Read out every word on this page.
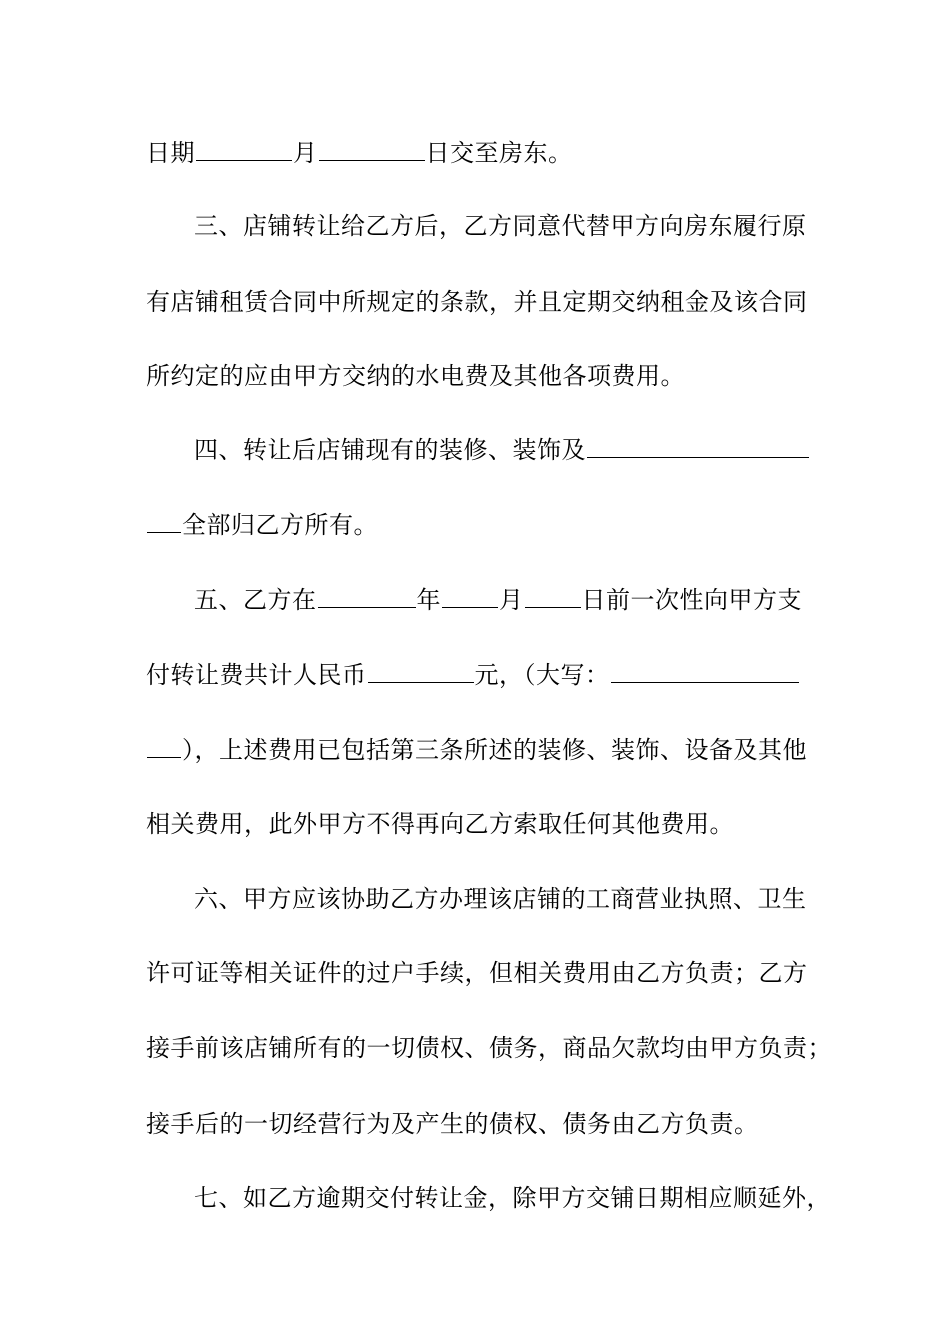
日期	月	日交至房东。
三、店铺转让给乙方后，乙方同意代替甲方向房东履行原
有店铺租赁合同中所规定的条款，并且定期交纳租金及该合同
所约定的应由甲方交纳的水电费及其他各项费用。
四、转让后店铺现有的装修、装饰及
全部归乙方所有。
五、乙方在	年 月 日前一次性向甲方支
付转让费共计人民币	元，（大写：
），上述费用已包括第三条所述的装修、装饰、设备及其他
相关费用，此外甲方不得再向乙方索取任何其他费用。
六、甲方应该协助乙方办理该店铺的工商营业执照、卫生
许可证等相关证件的过户手续，但相关费用由乙方负责；乙方
接手前该店铺所有的一切债权、债务，商品欠款均由甲方负责；
接手后的一切经营行为及产生的债权、债务由乙方负责。
七、如乙方逾期交付转让金，除甲方交铺日期相应顺延外，
